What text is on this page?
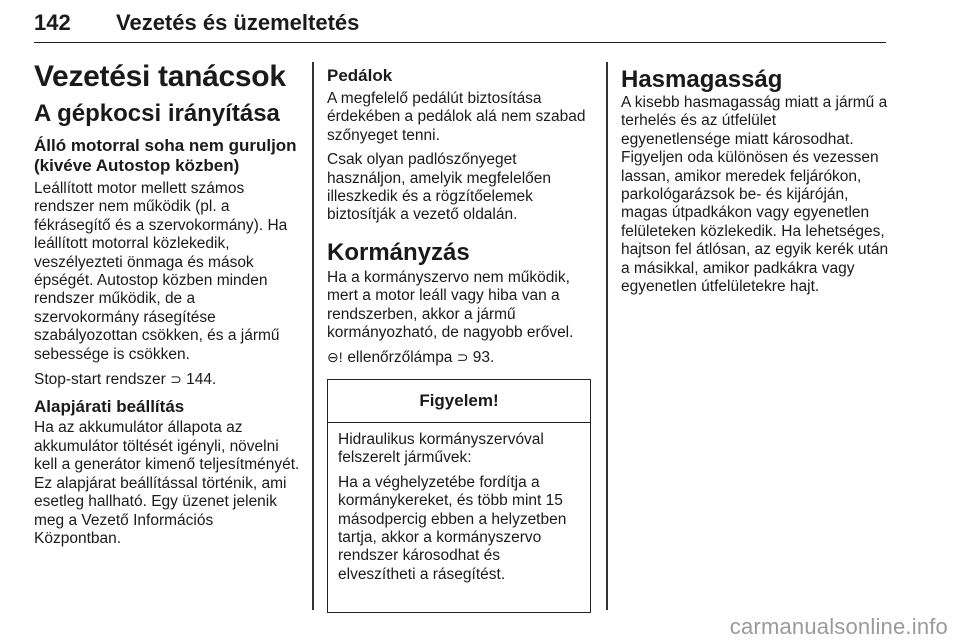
142 Vezetés és üzemeltetés
Vezetési tanácsok
A gépkocsi irányítása
Álló motorral soha nem guruljon (kivéve Autostop közben)

Leállított motor mellett számos rendszer nem működik (pl. a fékrásegítő és a szervokormány). Ha leállított motorral közlekedik, veszélyezteti önmaga és mások épségét. Autostop közben minden rendszer működik, de a szervokormány rásegítése szabályozottan csökken, és a jármű sebessége is csökken.

Stop-start rendszer ⊃ 144.

Alapjárati beállítás

Ha az akkumulátor állapota az akkumulátor töltését igényli, növelni kell a generátor kimenő teljesítményét. Ez alapjárat beállítással történik, ami esetleg hallható. Egy üzenet jelenik meg a Vezető Információs Központban.

Pedálok

A megfelelő pedálút biztosítása érdekében a pedálok alá nem szabad szőnyeget tenni.

Csak olyan padlószőnyeget használjon, amelyik megfelelően illeszkedik és a rögzítőelemek biztosítják a vezető oldalán.

Kormányzás

Ha a kormányszervo nem működik, mert a motor leáll vagy hiba van a rendszerben, akkor a jármű kormányozható, de nagyobb erővel.

⊖! ellenőrzőlámpa ⊃ 93.

Figyelem!

Hidraulikus kormányszervóval felszerelt járművek:

Ha a véghelyzetébe fordítja a kormánykereket, és több mint 15 másodpercig ebben a helyzetben tartja, akkor a kormányszervo rendszer károsodhat és elveszítheti a rásegítést.

Hasmagasság

A kisebb hasmagasság miatt a jármű a terhelés és az útfelület egyenetlensége miatt károsodhat. Figyeljen oda különösen és vezessen lassan, amikor meredek feljárókon, parkológarázsok be- és kijáróján, magas útpadkákon vagy egyenetlen felületeken közlekedik. Ha lehetséges, hajtson fel átlósan, az egyik kerék után a másikkal, amikor padkákra vagy egyenetlen útfelületekre hajt.

carmanualsonline.info
